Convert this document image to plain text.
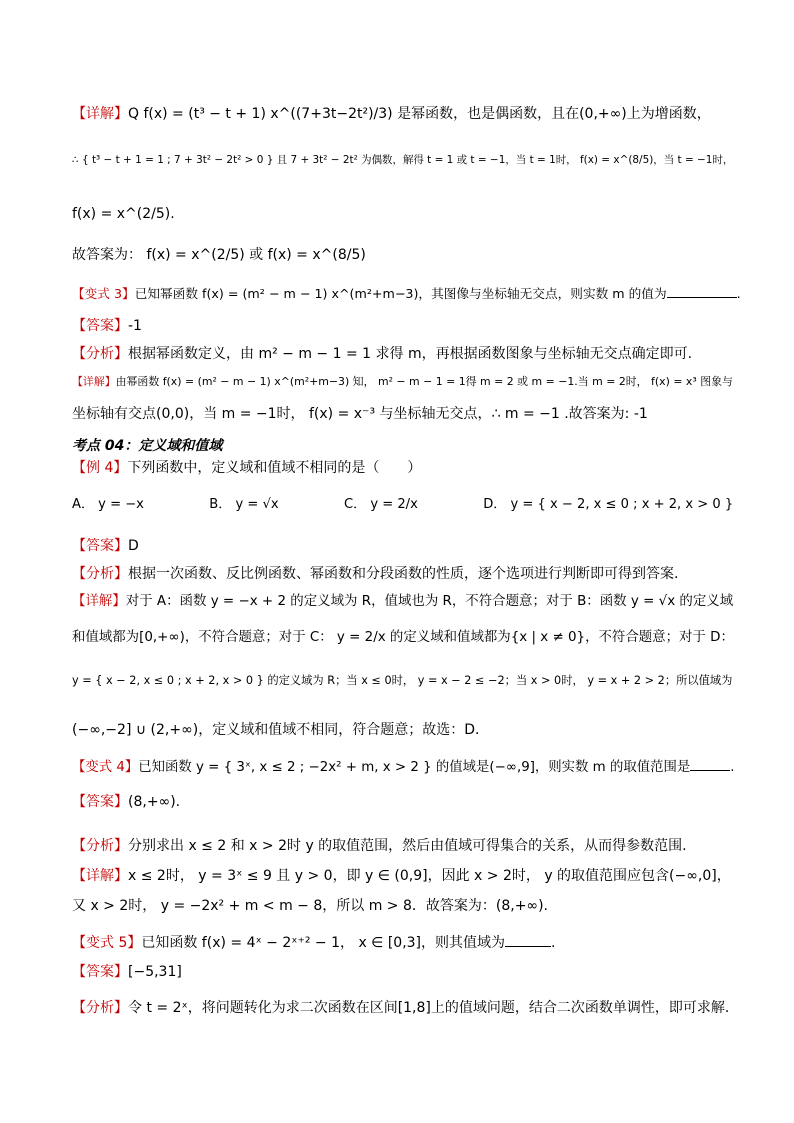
【详解】Q f(x) = (t³ − t + 1) x^((7+3t−2t²)/3) 是幂函数，也是偶函数，且在(0,+∞)上为增函数，
∴ { t³ − t + 1 = 1 ; 7 + 3t² − 2t² > 0 } 且 7 + 3t² − 2t² 为偶数，解得 t = 1 或 t = −1，当 t = 1时， f(x) = x^(8/5)，当 t = −1时，
f(x) = x^(2/5).
故答案为： f(x) = x^(2/5) 或 f(x) = x^(8/5)
【变式 3】已知幂函数 f(x) = (m² − m − 1) x^(m²+m−3)，其图像与坐标轴无交点，则实数 m 的值为	.
【答案】-1
【分析】根据幂函数定义，由 m² − m − 1 = 1 求得 m，再根据函数图象与坐标轴无交点确定即可.
【详解】由幂函数 f(x) = (m² − m − 1) x^(m²+m−3) 知， m² − m − 1 = 1得 m = 2 或 m = −1.当 m = 2时， f(x) = x³ 图象与
坐标轴有交点(0,0)，当 m = −1时， f(x) = x⁻³ 与坐标轴无交点，∴ m = −1 .故答案为: -1
考点 04：定义域和值域
【例 4】下列函数中，定义域和值域不相同的是（　　）
A． y = −x　　　　　B． y = √x　　　　　C． y = 2/x　　　　　D． y = { x − 2, x ≤ 0 ; x + 2, x > 0 }
【答案】D
【分析】根据一次函数、反比例函数、幂函数和分段函数的性质，逐个选项进行判断即可得到答案.
【详解】对于 A：函数 y = −x + 2 的定义域为 R，值域也为 R，不符合题意；对于 B：函数 y = √x 的定义域
和值域都为[0,+∞)，不符合题意；对于 C： y = 2/x 的定义域和值域都为{x | x ≠ 0}，不符合题意；对于 D：
y = { x − 2, x ≤ 0 ; x + 2, x > 0 } 的定义域为 R；当 x ≤ 0时， y = x − 2 ≤ −2；当 x > 0时， y = x + 2 > 2；所以值域为
(−∞,−2] ∪ (2,+∞)，定义域和值域不相同，符合题意；故选：D.
【变式 4】已知函数 y = { 3ˣ, x ≤ 2 ; −2x² + m, x > 2 } 的值域是(−∞,9]，则实数 m 的取值范围是	.
【答案】(8,+∞).
【分析】分别求出 x ≤ 2 和 x > 2时 y 的取值范围，然后由值域可得集合的关系，从而得参数范围.
【详解】x ≤ 2时， y = 3ˣ ≤ 9 且 y > 0，即 y ∈ (0,9]，因此 x > 2时， y 的取值范围应包含(−∞,0]，
又 x > 2时， y = −2x² + m < m − 8，所以 m > 8．故答案为：(8,+∞).
【变式 5】已知函数 f(x) = 4ˣ − 2ˣ⁺² − 1， x ∈ [0,3]，则其值域为	.
【答案】[−5,31]
【分析】令 t = 2ˣ，将问题转化为求二次函数在区间[1,8]上的值域问题，结合二次函数单调性，即可求解.
